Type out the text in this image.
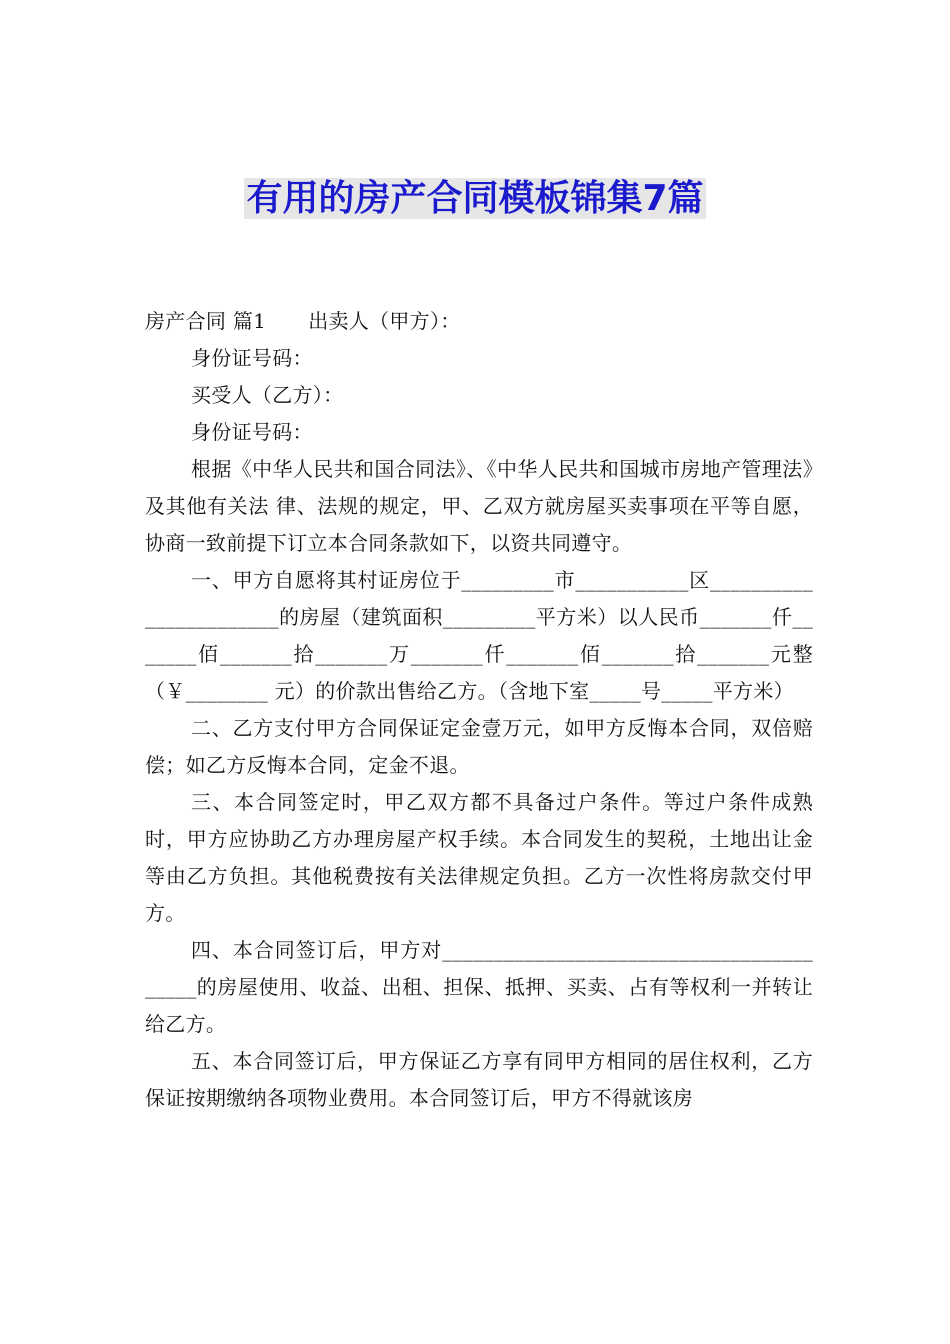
有用的房产合同模板锦集7篇

房产合同 篇1 出卖人（甲方）：

身份证号码：

买受人（乙方）：

身份证号码：

根据《中华人民共和国合同法》、《中华人民共和国城市房地产管理法》及其他有关法 律、法规的规定，甲、乙双方就房屋买卖事项在平等自愿，协商一致前提下订立本合同条款如下，以资共同遵守。

一、甲方自愿将其村证房位于_________市___________区_______________________的房屋（建筑面积_________平方米）以人民币_______仟_______佰_______拾_______万_______仟_______佰_______拾_______元整（￥________ 元）的价款出售给乙方。（含地下室_____号_____平方米）

二、乙方支付甲方合同保证定金壹万元，如甲方反悔本合同，双倍赔偿；如乙方反悔本合同，定金不退。

三、本合同签定时，甲乙双方都不具备过户条件。等过户条件成熟时，甲方应协助乙方办理房屋产权手续。本合同发生的契税，土地出让金等由乙方负担。其他税费按有关法律规定负担。乙方一次性将房款交付甲方。

四、本合同签订后，甲方对_________________________________________的房屋使用、收益、出租、担保、抵押、买卖、占有等权利一并转让给乙方。

五、本合同签订后，甲方保证乙方享有同甲方相同的居住权利，乙方保证按期缴纳各项物业费用。本合同签订后，甲方不得就该房
